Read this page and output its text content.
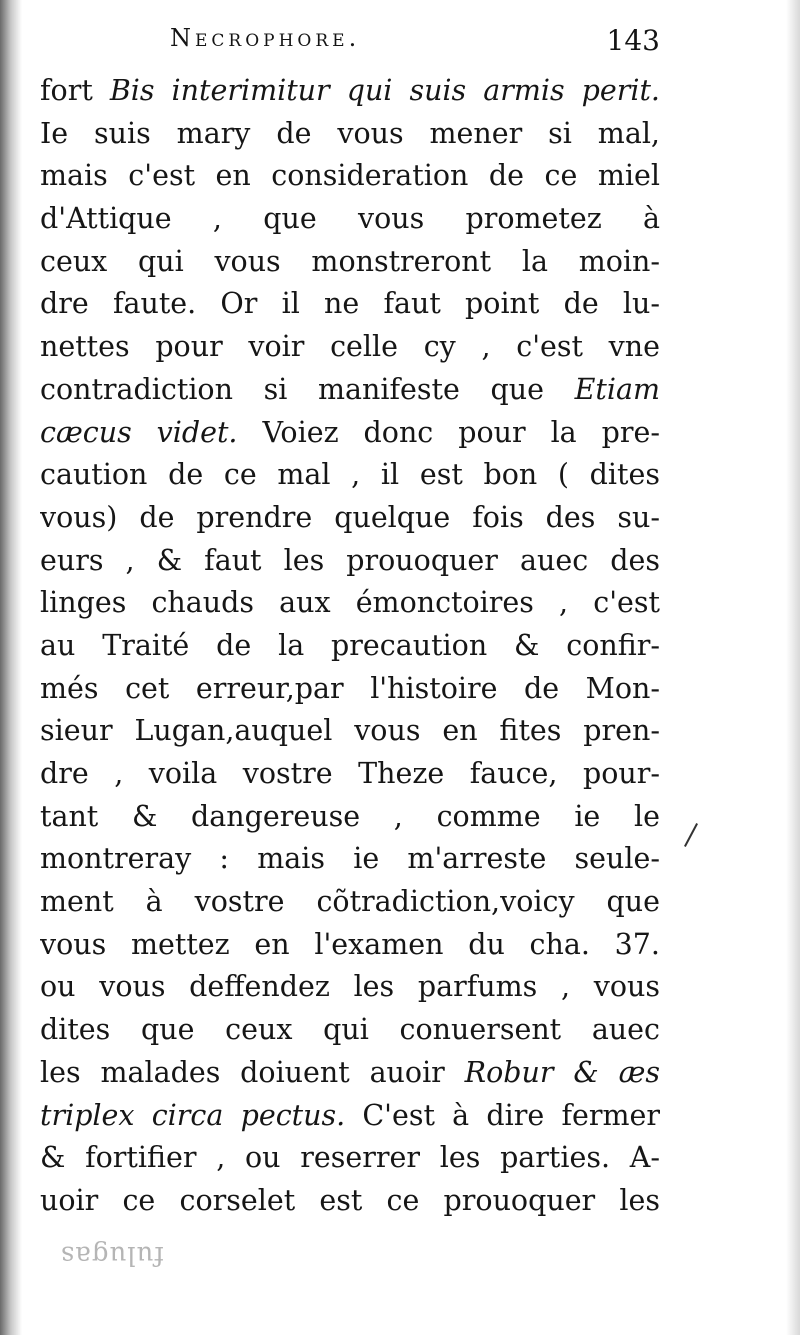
Necrophore.	143
fort Bis interimitur qui suis armis perit.
Ie suis mary de vous mener si mal,
mais c'est en consideration de ce miel
d'Attique , que vous prometez à
ceux qui vous monstreront la moin-
dre faute. Or il ne faut point de lu-
nettes pour voir celle cy , c'est vne
contradiction si manifeste que Etiam
cæcus videt. Voiez donc pour la pre-
caution de ce mal , il est bon ( dites
vous) de prendre quelque fois des su-
eurs , & faut les prouoquer auec des
linges chauds aux émonctoires , c'est
au Traité de la precaution & confir-
més cet erreur,par l'histoire de Mon-
sieur Lugan,auquel vous en fites pren-
dre , voila vostre Theze fauce, pour-
tant & dangereuse , comme ie le
montreray : mais ie m'arreste seule-
ment à vostre cõtradiction,voicy que
vous mettez en l'examen du cha. 37.
ou vous deffendez les parfums , vous
dites que ceux qui conuersent auec
les malades doiuent auoir Robur & æs
triplex circa pectus. C'est à dire fermer
& fortifier , ou reserrer les parties. A-
uoir ce corselet est ce prouoquer les
fulugas
